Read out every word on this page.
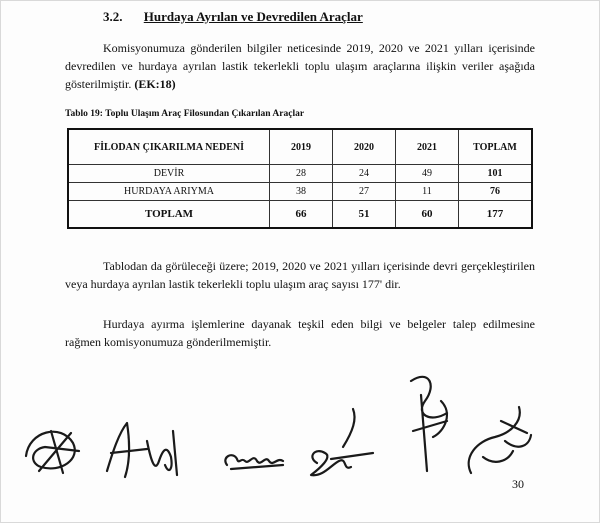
3.2. Hurdaya Ayrılan ve Devredilen Araçlar
Komisyonumuza gönderilen bilgiler neticesinde 2019, 2020 ve 2021 yılları içerisinde devredilen ve hurdaya ayrılan lastik tekerlekli toplu ulaşım araçlarına ilişkin veriler aşağıda gösterilmiştir. (EK:18)
Tablo 19: Toplu Ulaşım Araç Filosundan Çıkarılan Araçlar
FİLODAN ÇIKARILMA NEDENİ	2019	2020	2021	TOPLAM
DEVİR	28	24	49	101
HURDAYA ARIYMA	38	27	11	76
TOPLAM	66	51	60	177
Tablodan da görüleceği üzere; 2019, 2020 ve 2021 yılları içerisinde devri gerçekleştirilen veya hurdaya ayrılan lastik tekerlekli toplu ulaşım araç sayısı 177' dir.
Hurdaya ayırma işlemlerine dayanak teşkil eden bilgi ve belgeler talep edilmesine rağmen komisyonumuza gönderilmemiştir.
30
